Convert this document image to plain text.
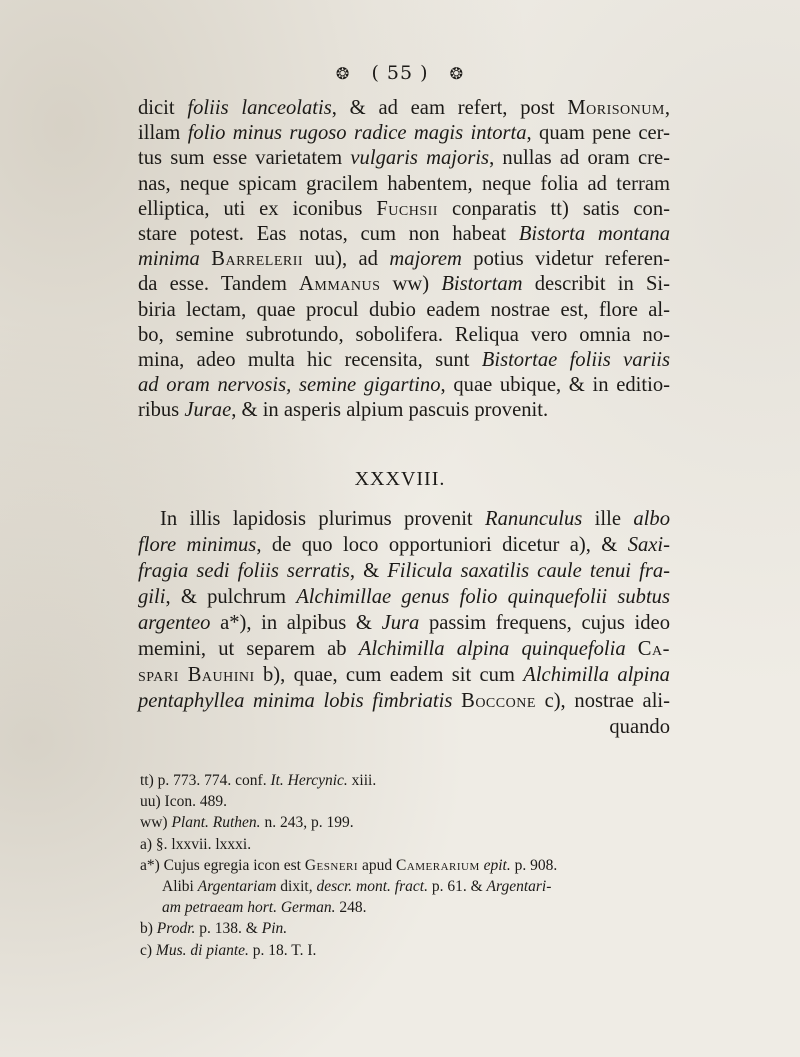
❂ ( 55 ) ❂
dicit foliis lanceolatis, & ad eam refert, post Morisonum,
illam folio minus rugoso radice magis intorta, quam pene cer-
tus sum esse varietatem vulgaris majoris, nullas ad oram cre-
nas, neque spicam gracilem habentem, neque folia ad terram
elliptica, uti ex iconibus Fuchsii conparatis tt) satis con-
stare potest. Eas notas, cum non habeat Bistorta montana
minima Barrelerii uu), ad majorem potius videtur referen-
da esse. Tandem Ammanus ww) Bistortam describit in Si-
biria lectam, quae procul dubio eadem nostrae est, flore al-
bo, semine subrotundo, sobolifera. Reliqua vero omnia no-
mina, adeo multa hic recensita, sunt Bistortae foliis variis
ad oram nervosis, semine gigartino, quae ubique, & in editio-
ribus Jurae, & in asperis alpium pascuis provenit.
XXXVIII.
In illis lapidosis plurimus provenit Ranunculus ille albo
flore minimus, de quo loco opportuniori dicetur a), & Saxi-
fragia sedi foliis serratis, & Filicula saxatilis caule tenui fra-
gili, & pulchrum Alchimillae genus folio quinquefolii subtus
argenteo a*), in alpibus & Jura passim frequens, cujus ideo
memini, ut separem ab Alchimilla alpina quinquefolia Ca-
spari Bauhini b), quae, cum eadem sit cum Alchimilla alpina
pentaphyllea minima lobis fimbriatis Boccone c), nostrae ali-
quando
tt) p. 773. 774. conf. It. Hercynic. xiii.
uu) Icon. 489.
ww) Plant. Ruthen. n. 243, p. 199.
a) §. lxxvii. lxxxi.
a*) Cujus egregia icon est Gesneri apud Camerarium epit. p. 908.
Alibi Argentariam dixit, descr. mont. fract. p. 61. & Argentari-
am petraeam hort. German. 248.
b) Prodr. p. 138. & Pin.
c) Mus. di piante. p. 18. T. I.
